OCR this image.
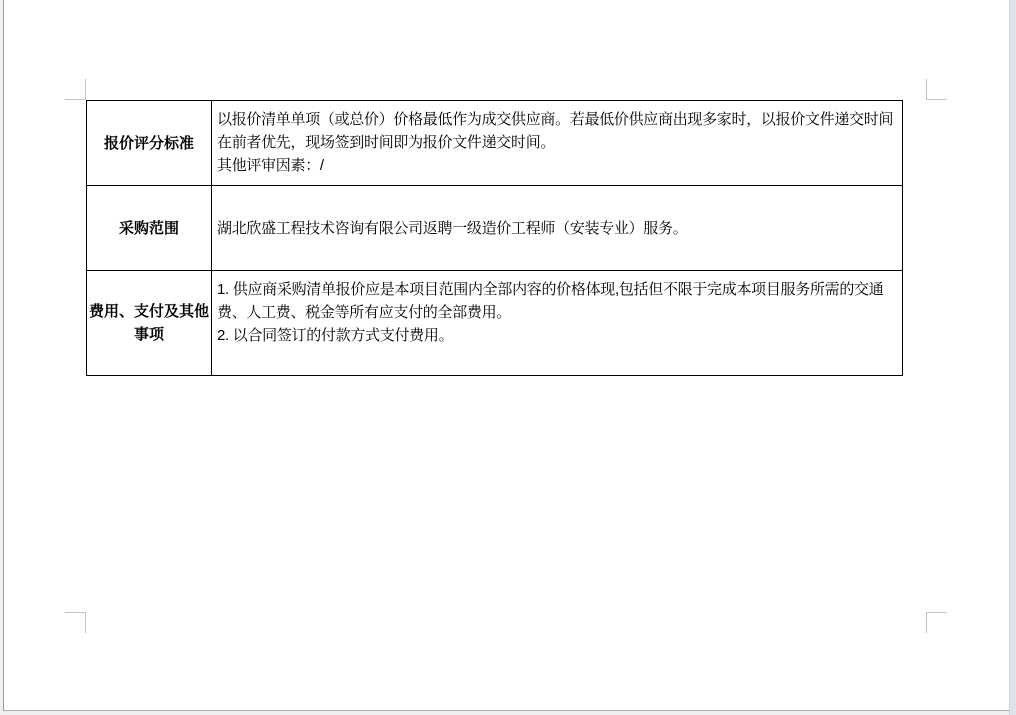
报价评分标准
以报价清单单项（或总价）价格最低作为成交供应商。若最低价供应商出现多家时，以报价文件递交时间在前者优先，现场签到时间即为报价文件递交时间。
其他评审因素：/
采购范围	湖北欣盛工程技术咨询有限公司返聘一级造价工程师（安装专业）服务。
费用、支付及其他事项
1. 供应商采购清单报价应是本项目范围内全部内容的价格体现,包括但不限于完成本项目服务所需的交通费、人工费、税金等所有应支付的全部费用。
2. 以合同签订的付款方式支付费用。
